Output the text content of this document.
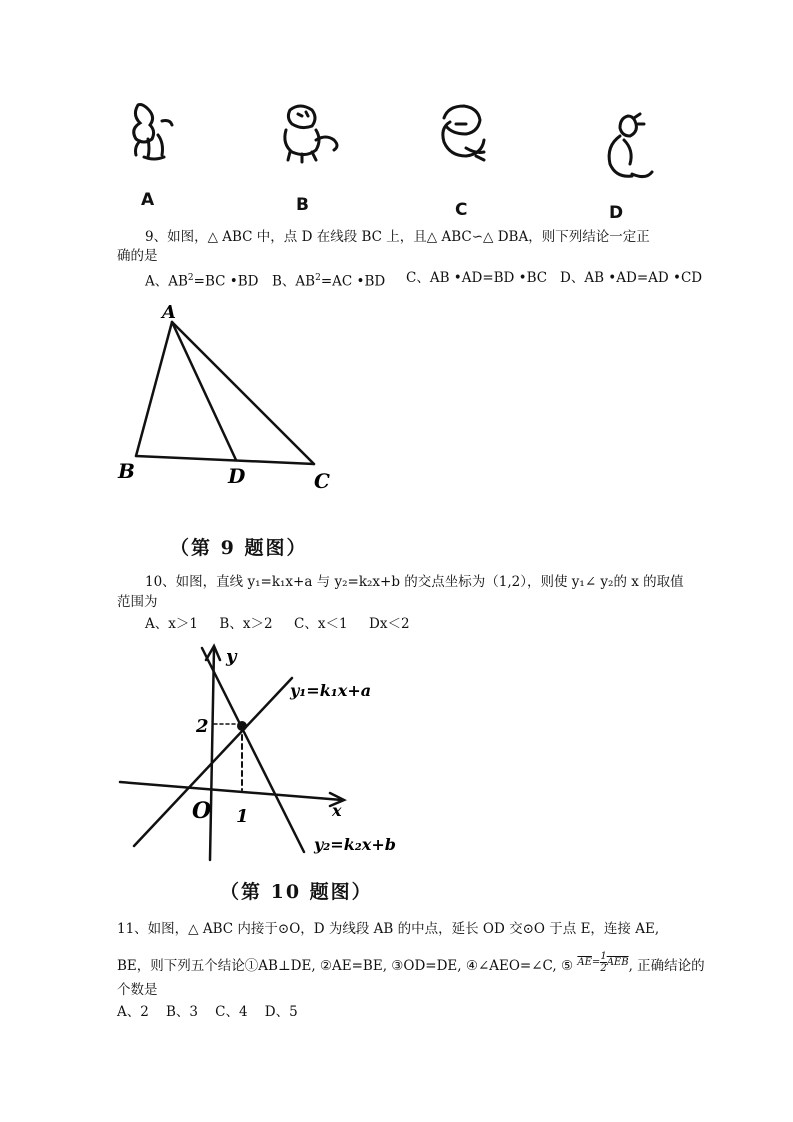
A	B	C	D
9、如图，△ ABC 中，点 D 在线段 BC 上，且△ ABC∽△ DBA，则下列结论一定正
确的是
A、$AB^2=BC$ •BD B、$AB^2=AC$ •BD C、AB •AD=BD •BC D、AB •AD=AD •CD
A
B	D	C
（第 9 题图）
10、如图，直线 y₁=k₁x+a 与 y₂=k₂x+b 的交点坐标为（1,2），则使 y₁∠ y₂的 x 的取值
范围为
A、x＞1 B、x＞2 C、x＜1 Dx＜2
y
x
O 1
2
y₁=k₁x+a
y₂=k₂x+b
（第 10 题图）
11、如图，△ ABC 内接于⊙O，D 为线段 AB 的中点，延长 OD 交⊙O 于点 E，连接 AE,
BE，则下列五个结论①AB⊥DE, ②AE=BE, ③OD=DE, ④∠AEO=∠C, ⑤ $\overline{AE}= \frac{1}{2} \overline{AEB}$, 正确结论的
个数是
A、2    B、3    C、4    D、5
